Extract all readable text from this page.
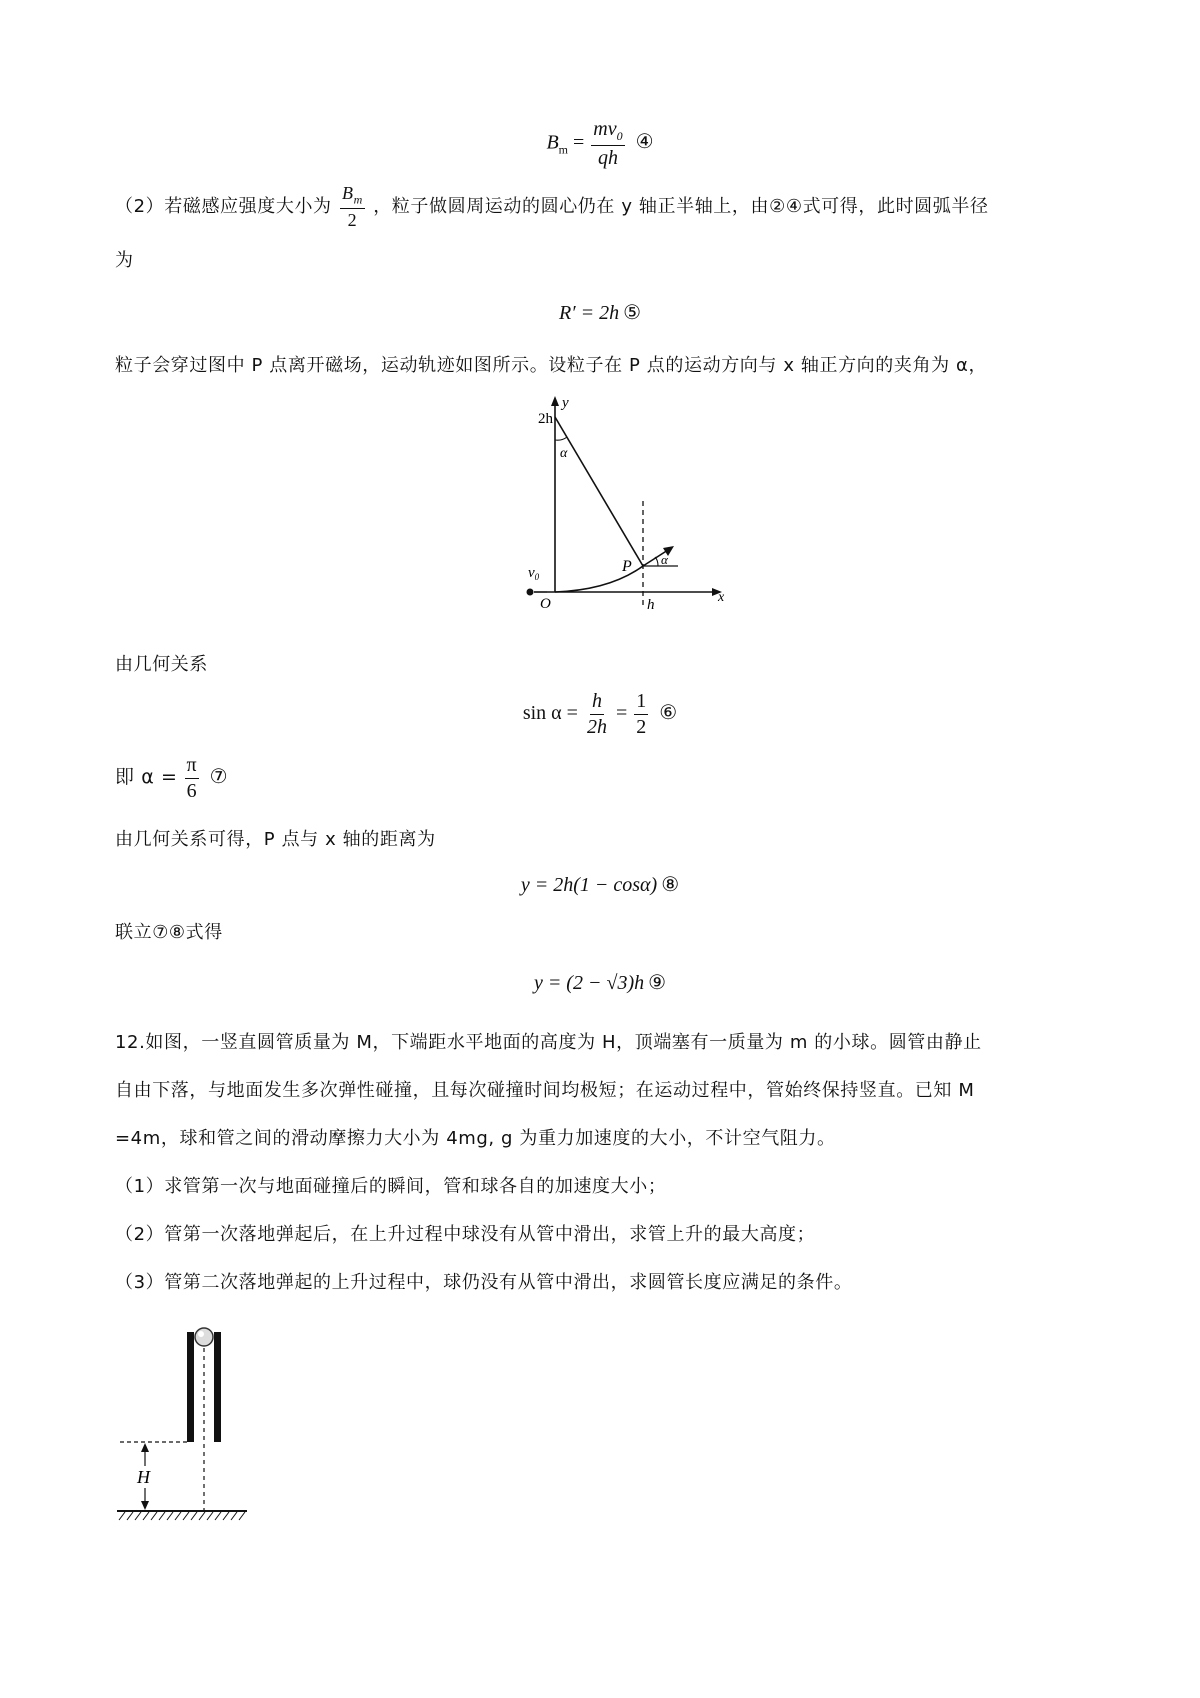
$B_m = \frac{mv_0}{qh}$ ④
（2）若磁感应强度大小为 $\frac{B_m}{2}$ ，粒子做圆周运动的圆心仍在 y 轴正半轴上，由②④式可得，此时圆弧半径
为
R′ = 2h ⑤
粒子会穿过图中 P 点离开磁场，运动轨迹如图所示。设粒子在 P 点的运动方向与 x 轴正方向的夹角为 α，
y
2h
α
P α
$v_0$
O	h	x
由几何关系
$\sin \alpha = \frac{h}{2h} = \frac{1}{2}$ ⑥
即 $\alpha = \frac{\pi}{6}$ ⑦
由几何关系可得，P 点与 x 轴的距离为
y = 2h(1 − cosα) ⑧
联立⑦⑧式得
y = (2 − √3)h ⑨
12.如图，一竖直圆管质量为 M，下端距水平地面的高度为 H，顶端塞有一质量为 m 的小球。圆管由静止
自由下落，与地面发生多次弹性碰撞，且每次碰撞时间均极短；在运动过程中，管始终保持竖直。已知 M
=4m，球和管之间的滑动摩擦力大小为 4mg, g 为重力加速度的大小，不计空气阻力。
（1）求管第一次与地面碰撞后的瞬间，管和球各自的加速度大小；
（2）管第一次落地弹起后，在上升过程中球没有从管中滑出，求管上升的最大高度；
（3）管第二次落地弹起的上升过程中，球仍没有从管中滑出，求圆管长度应满足的条件。
H
